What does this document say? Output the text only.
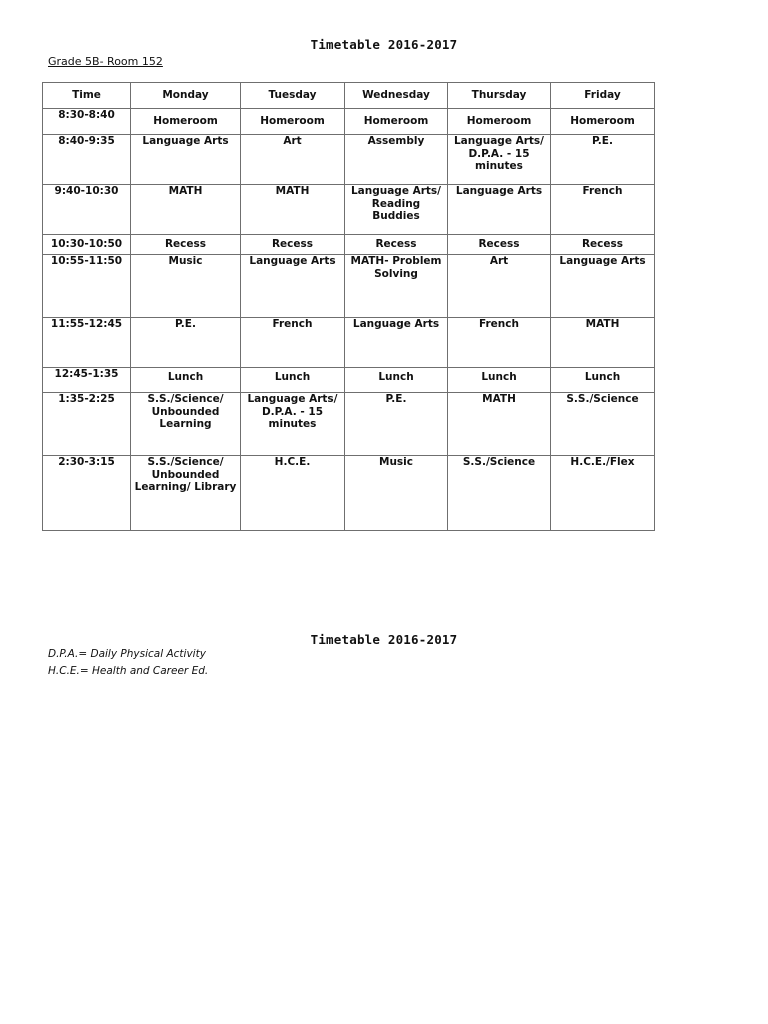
Timetable 2016-2017
Grade 5B- Room 152
Time	Monday	Tuesday	Wednesday	Thursday	Friday
8:30-8:40	Homeroom	Homeroom	Homeroom	Homeroom	Homeroom
8:40-9:35	Language Arts	Art	Assembly	Language Arts/ D.P.A. - 15 minutes	P.E.
9:40-10:30	MATH	MATH	Language Arts/ Reading Buddies	Language Arts	French
10:30-10:50	Recess	Recess	Recess	Recess	Recess
10:55-11:50	Music	Language Arts	MATH- Problem Solving	Art	Language Arts
11:55-12:45	P.E.	French	Language Arts	French	MATH
12:45-1:35	Lunch	Lunch	Lunch	Lunch	Lunch
1:35-2:25	S.S./Science/ Unbounded Learning	Language Arts/ D.P.A. - 15 minutes	P.E.	MATH	S.S./Science
2:30-3:15	S.S./Science/ Unbounded Learning/ Library	H.C.E.	Music	S.S./Science	H.C.E./Flex
Timetable 2016-2017
D.P.A.= Daily Physical Activity
H.C.E.= Health and Career Ed.
